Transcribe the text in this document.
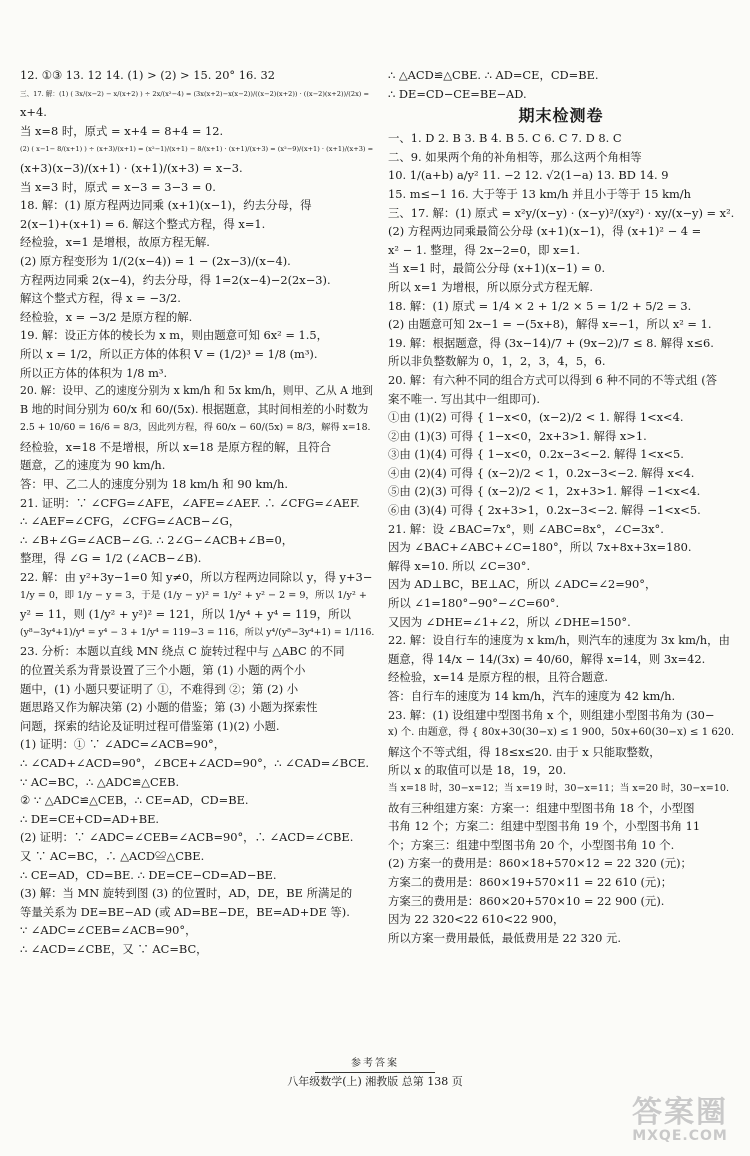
12. ①③ 13. 12 14. (1) > (2) > 15. 20° 16. 32

三、17. 解：(1) ( 3x/(x−2) − x/(x+2) ) ÷ 2x/(x²−4) = (3x(x+2)−x(x−2))/((x−2)(x+2)) · ((x−2)(x+2))/(2x) =

x+4.

当 x=8 时，原式 = x+4 = 8+4 = 12.

(2) ( x−1− 8/(x+1) ) ÷ (x+3)/(x+1) = (x²−1)/(x+1) − 8/(x+1) · (x+1)/(x+3) = (x²−9)/(x+1) · (x+1)/(x+3) =

(x+3)(x−3)/(x+1) · (x+1)/(x+3) = x−3.

当 x=3 时，原式 = x−3 = 3−3 = 0.

18. 解：(1) 原方程两边同乘 (x+1)(x−1)，约去分母，得

2(x−1)+(x+1) = 6. 解这个整式方程，得 x=1.

经检验，x=1 是增根，故原方程无解.

(2) 原方程变形为 1/(2(x−4)) = 1 − (2x−3)/(x−4).

方程两边同乘 2(x−4)，约去分母，得 1=2(x−4)−2(2x−3).

解这个整式方程，得 x = −3/2.

经检验，x = −3/2 是原方程的解.

19. 解：设正方体的棱长为 x m，则由题意可知 6x² = 1.5，

所以 x = 1/2，所以正方体的体积 V = (1/2)³ = 1/8 (m³).

所以正方体的体积为 1/8 m³.

20. 解：设甲、乙的速度分别为 x km/h 和 5x km/h，则甲、乙从 A 地到

B 地的时间分别为 60/x 和 60/(5x). 根据题意，其时间相差的小时数为

2.5 + 10/60 = 16/6 = 8/3，因此列方程，得 60/x − 60/(5x) = 8/3，解得 x=18.

经检验，x=18 不是增根，所以 x=18 是原方程的解，且符合

题意，乙的速度为 90 km/h.

答：甲、乙二人的速度分别为 18 km/h 和 90 km/h.

21. 证明：∵ ∠CFG=∠AFE，∠AFE=∠AEF. ∴ ∠CFG=∠AEF.

∴ ∠AEF=∠CFG，∠CFG=∠ACB−∠G，

∴ ∠B+∠G=∠ACB−∠G. ∴ 2∠G−∠ACB+∠B=0，

整理，得 ∠G = 1/2 (∠ACB−∠B).

22. 解：由 y²+3y−1=0 知 y≠0，所以方程两边同除以 y，得 y+3−

1/y = 0，即 1/y − y = 3，于是 (1/y − y)² = 1/y² + y² − 2 = 9，所以 1/y² +

y² = 11，则 (1/y² + y²)² = 121，所以 1/y⁴ + y⁴ = 119，所以

(y⁸−3y⁴+1)/y⁴ = y⁴ − 3 + 1/y⁴ = 119−3 = 116，所以 y⁴/(y⁸−3y⁴+1) = 1/116.

23. 分析：本题以直线 MN 绕点 C 旋转过程中与 △ABC 的不同

的位置关系为背景设置了三个小题，第 (1) 小题的两个小

题中，(1) 小题只要证明了 ①，不难得到 ②；第 (2) 小

题思路又作为解决第 (2) 小题的借鉴；第 (3) 小题为探索性

问题，探索的结论及证明过程可借鉴第 (1)(2) 小题.

(1) 证明：① ∵ ∠ADC=∠ACB=90°，

∴ ∠CAD+∠ACD=90°，∠BCE+∠ACD=90°，∴ ∠CAD=∠BCE.

∵ AC=BC，∴ △ADC≌△CEB.

② ∵ △ADC≌△CEB，∴ CE=AD，CD=BE.

∴ DE=CE+CD=AD+BE.

(2) 证明：∵ ∠ADC=∠CEB=∠ACB=90°，∴ ∠ACD=∠CBE.

又 ∵ AC=BC，∴ △ACD≌△CBE.

∴ CE=AD，CD=BE. ∴ DE=CE−CD=AD−BE.

(3) 解：当 MN 旋转到图 (3) 的位置时，AD，DE，BE 所满足的

等量关系为 DE=BE−AD (或 AD=BE−DE，BE=AD+DE 等).

∵ ∠ADC=∠CEB=∠ACB=90°，

∴ ∠ACD=∠CBE，又 ∵ AC=BC，

∴ △ACD≌△CBE. ∴ AD=CE，CD=BE.

∴ DE=CD−CE=BE−AD.

期末检测卷

一、1. D 2. B 3. B 4. B 5. C 6. C 7. D 8. C

二、9. 如果两个角的补角相等，那么这两个角相等

10. 1/(a+b) a/y² 11. −2 12. √2(1−a) 13. BD 14. 9

15. m≤−1 16. 大于等于 13 km/h 并且小于等于 15 km/h

三、17. 解：(1) 原式 = x²y/(x−y) · (x−y)²/(xy²) · xy/(x−y) = x².

(2) 方程两边同乘最简公分母 (x+1)(x−1)，得 (x+1)² − 4 =

x² − 1. 整理，得 2x−2=0，即 x=1.

当 x=1 时，最简公分母 (x+1)(x−1) = 0.

所以 x=1 为增根，所以原分式方程无解.

18. 解：(1) 原式 = 1/4 × 2 + 1/2 × 5 = 1/2 + 5/2 = 3.

(2) 由题意可知 2x−1 = −(5x+8)，解得 x=−1，所以 x² = 1.

19. 解：根据题意，得 (3x−14)/7 + (9x−2)/7 ≤ 8. 解得 x≤6.

所以非负整数解为 0，1，2，3，4，5，6.

20. 解：有六种不同的组合方式可以得到 6 种不同的不等式组 (答

案不唯一. 写出其中一组即可).

①由 (1)(2) 可得 { 1−x<0，(x−2)/2 < 1. 解得 1<x<4.

②由 (1)(3) 可得 { 1−x<0，2x+3>1. 解得 x>1.

③由 (1)(4) 可得 { 1−x<0，0.2x−3<−2. 解得 1<x<5.

④由 (2)(4) 可得 { (x−2)/2 < 1，0.2x−3<−2. 解得 x<4.

⑤由 (2)(3) 可得 { (x−2)/2 < 1，2x+3>1. 解得 −1<x<4.

⑥由 (3)(4) 可得 { 2x+3>1，0.2x−3<−2. 解得 −1<x<5.

21. 解：设 ∠BAC=7x°，则 ∠ABC=8x°，∠C=3x°.

因为 ∠BAC+∠ABC+∠C=180°，所以 7x+8x+3x=180.

解得 x=10. 所以 ∠C=30°.

因为 AD⊥BC，BE⊥AC，所以 ∠ADC=∠2=90°，

所以 ∠1=180°−90°−∠C=60°.

又因为 ∠DHE=∠1+∠2，所以 ∠DHE=150°.

22. 解：设自行车的速度为 x km/h，则汽车的速度为 3x km/h，由

题意，得 14/x − 14/(3x) = 40/60，解得 x=14，则 3x=42.

经检验，x=14 是原方程的根，且符合题意.

答：自行车的速度为 14 km/h，汽车的速度为 42 km/h.

23. 解：(1) 设组建中型图书角 x 个，则组建小型图书角为 (30−

x) 个. 由题意，得 { 80x+30(30−x) ≤ 1 900，50x+60(30−x) ≤ 1 620.

解这个不等式组，得 18≤x≤20. 由于 x 只能取整数，

所以 x 的取值可以是 18，19，20.

当 x=18 时，30−x=12；当 x=19 时，30−x=11；当 x=20 时，30−x=10.

故有三种组建方案：方案一：组建中型图书角 18 个，小型图

书角 12 个；方案二：组建中型图书角 19 个，小型图书角 11

个；方案三：组建中型图书角 20 个，小型图书角 10 个.

(2) 方案一的费用是：860×18+570×12 = 22 320 (元)；

方案二的费用是：860×19+570×11 = 22 610 (元)；

方案三的费用是：860×20+570×10 = 22 900 (元).

因为 22 320<22 610<22 900，

所以方案一费用最低，最低费用是 22 320 元.

参考答案
八年级数学(上) 湘教版 总第 138 页
答案圈
MXQE.COM
